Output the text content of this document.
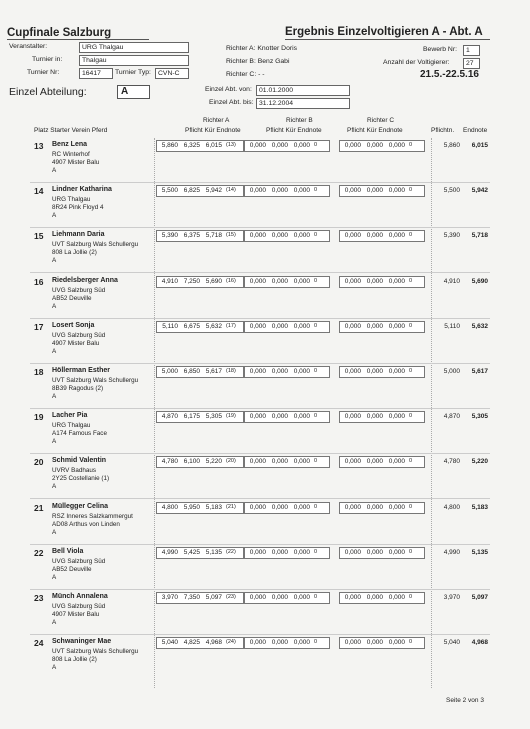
Cupfinale Salzburg	Ergebnis Einzelvoltigieren A - Abt. A
Veranstalter:	URG Thalgau
Turnier in:	Thalgau
Turnier Nr:	16417	Turnier Typ:	CVN-C
Richter A: Knotter Doris
Richter B: Benz Gabi
Richter C: - -
Bewerb Nr:	1
Anzahl der Voltigierer:	27
21.5.-22.5.16
Einzel Abteilung:	A	Einzel Abt. von:	01.01.2000
Einzel Abt. bis: 31.12.2004
Richter A	Richter B	Richter C
Platz Starter Verein Pferd	Pflicht Kür Endnote	Pflicht Kür Endnote	Pflicht Kür Endnote	Pflichtn. Endnote
13 Benz Lena
RC Winterhof
4907 Mister Balu
A
5,860 6,325 6,015 (13)	0,000 0,000 0,000 0	0,000 0,000 0,000 0	5,860	6,015
14 Lindner Katharina
URG Thalgau
8R24 Pink Floyd 4
A
5,500 6,825 5,942 (14)	0,000 0,000 0,000 0	0,000 0,000 0,000 0	5,500	5,942
15 Liehmann Daria
UVT Salzburg Wals Schullergu
808 La Jollie (2)
A
5,390 6,375 5,718 (15)	0,000 0,000 0,000 0	0,000 0,000 0,000 0	5,390	5,718
16 Riedelsberger Anna
UVG Salzburg Süd
AB52 Deuville
A
4,910 7,250 5,690 (16)	0,000 0,000 0,000 0	0,000 0,000 0,000 0	4,910	5,690
17 Losert Sonja
UVG Salzburg Süd
4907 Mister Balu
A
5,110 6,675 5,632 (17)	0,000 0,000 0,000 0	0,000 0,000 0,000 0	5,110	5,632
18 Höllerman Esther
UVT Salzburg Wals Schullergu
8B39 Ragodus (2)
A
5,000 6,850 5,617 (18)	0,000 0,000 0,000 0	0,000 0,000 0,000 0	5,000	5,617
19 Lacher Pia
URG Thalgau
A174 Famous Face
A
4,870 6,175 5,305 (19)	0,000 0,000 0,000 0	0,000 0,000 0,000 0	4,870	5,305
20 Schmid Valentin
UVRV Badhaus
2Y25 Costellanie (1)
A
4,780 6,100 5,220 (20)	0,000 0,000 0,000 0	0,000 0,000 0,000 0	4,780	5,220
21 Müllegger Celina
RSZ Inneres Salzkammergut
AD08 Arthus von Linden
A
4,800 5,950 5,183 (21)	0,000 0,000 0,000 0	0,000 0,000 0,000 0	4,800	5,183
22 Bell Viola
UVG Salzburg Süd
AB52 Deuville
A
4,990 5,425 5,135 (22)	0,000 0,000 0,000 0	0,000 0,000 0,000 0	4,990	5,135
23 Münch Annalena
UVG Salzburg Süd
4907 Mister Balu
A
3,970 7,350 5,097 (23)	0,000 0,000 0,000 0	0,000 0,000 0,000 0	3,970	5,097
24 Schwaninger Mae
UVT Salzburg Wals Schullergu
808 La Jollie (2)
A
5,040 4,825 4,968 (24)	0,000 0,000 0,000 0	0,000 0,000 0,000 0	5,040	4,968
Seite 2 von 3
